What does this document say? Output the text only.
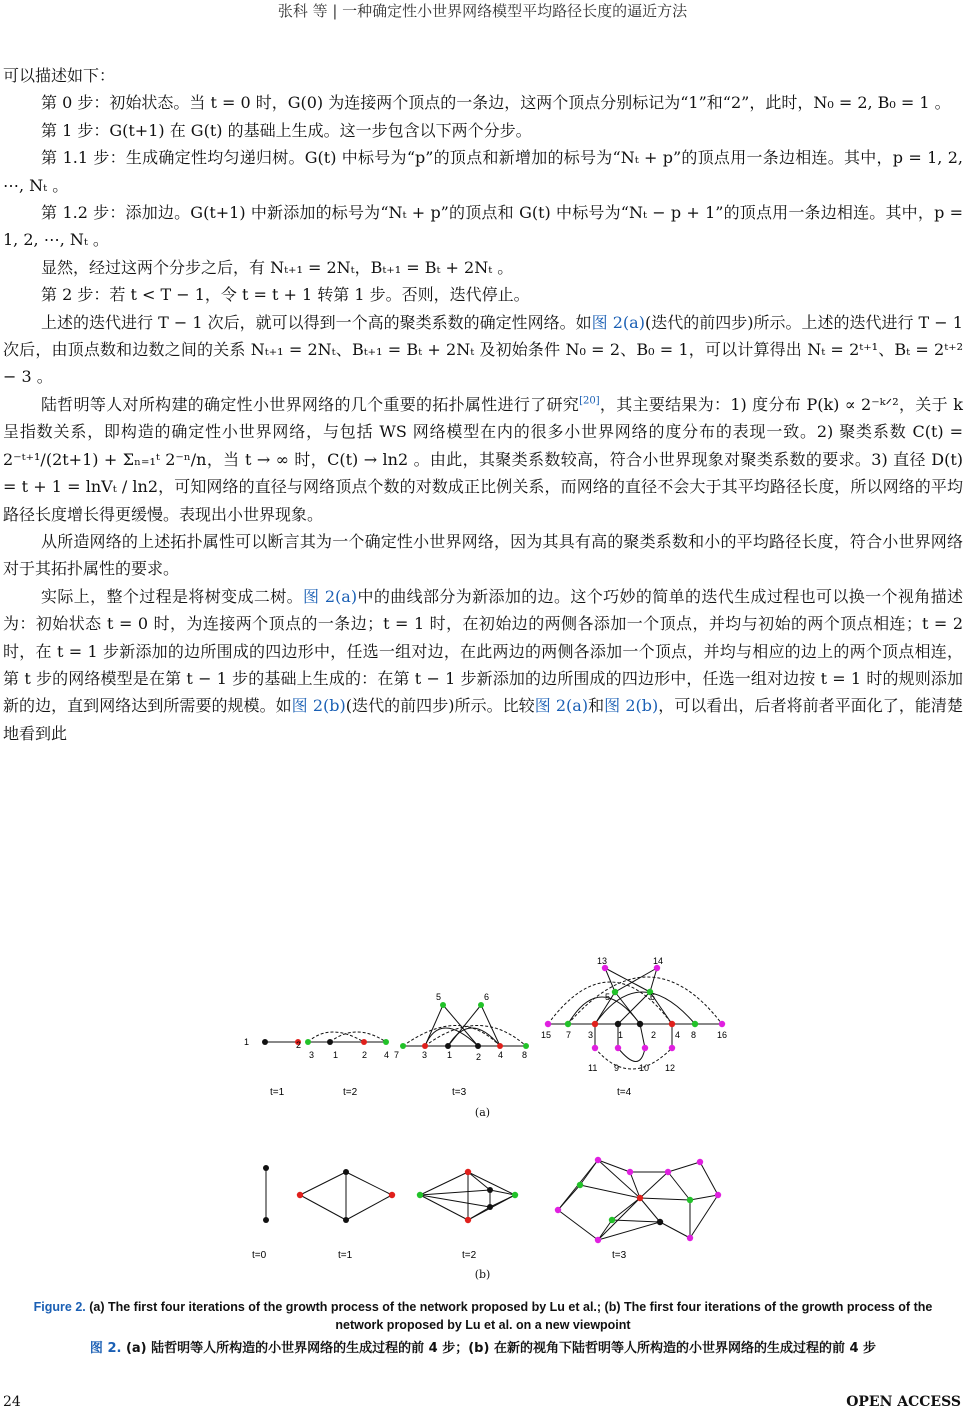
张科 等 | 一种确定性小世界网络模型平均路径长度的逼近方法

可以描述如下：

第 0 步：初始状态。当 t = 0 时，G(0) 为连接两个顶点的一条边，这两个顶点分别标记为“1”和“2”，此时，N₀ = 2, B₀ = 1 。

第 1 步：G(t+1) 在 G(t) 的基础上生成。这一步包含以下两个分步。

第 1.1 步：生成确定性均匀递归树。G(t) 中标号为“p”的顶点和新增加的标号为“Nₜ + p”的顶点用一条边相连。其中，p = 1, 2, ⋯, Nₜ 。

第 1.2 步：添加边。G(t+1) 中新添加的标号为“Nₜ + p”的顶点和 G(t) 中标号为“Nₜ − p + 1”的顶点用一条边相连。其中，p = 1, 2, ⋯, Nₜ 。

显然，经过这两个分步之后，有 Nₜ₊₁ = 2Nₜ，Bₜ₊₁ = Bₜ + 2Nₜ 。

第 2 步：若 t < T − 1，令 t = t + 1 转第 1 步。否则，迭代停止。

上述的迭代进行 T − 1 次后，就可以得到一个高的聚类系数的确定性网络。如图 2(a)(迭代的前四步)所示。上述的迭代进行 T − 1 次后，由顶点数和边数之间的关系 Nₜ₊₁ = 2Nₜ、Bₜ₊₁ = Bₜ + 2Nₜ 及初始条件 N₀ = 2、B₀ = 1，可以计算得出 Nₜ = 2ᵗ⁺¹、Bₜ = 2ᵗ⁺² − 3 。

陆哲明等人对所构建的确定性小世界网络的几个重要的拓扑属性进行了研究[20]，其主要结果为：1) 度分布 P(k) ∝ 2⁻ᵏᐟ²，关于 k 呈指数关系，即构造的确定性小世界网络，与包括 WS 网络模型在内的很多小世界网络的度分布的表现一致。2) 聚类系数 C(t) = 2⁻ᵗ⁺¹/(2t+1) + Σₙ₌₁ᵗ 2⁻ⁿ/n，当 t → ∞ 时，C(t) → ln2 。由此，其聚类系数较高，符合小世界现象对聚类系数的要求。3) 直径 D(t) = t + 1 = lnVₜ / ln2，可知网络的直径与网络顶点个数的对数成正比例关系，而网络的直径不会大于其平均路径长度，所以网络的平均路径长度增长得更缓慢。表现出小世界现象。

从所造网络的上述拓扑属性可以断言其为一个确定性小世界网络，因为其具有高的聚类系数和小的平均路径长度，符合小世界网络对于其拓扑属性的要求。

实际上，整个过程是将树变成二树。图 2(a)中的曲线部分为新添加的边。这个巧妙的简单的迭代生成过程也可以换一个视角描述为：初始状态 t = 0 时，为连接两个顶点的一条边；t = 1 时，在初始边的两侧各添加一个顶点，并均与初始的两个顶点相连；t = 2 时，在 t = 1 步新添加的边所围成的四边形中，任选一组对边，在此两边的两侧各添加一个顶点，并均与相应的边上的两个顶点相连，第 t 步的网络模型是在第 t − 1 步的基础上生成的：在第 t − 1 步新添加的边所围成的四边形中，任选一组对边按 t = 1 时的规则添加新的边，直到网络达到所需要的规模。如图 2(b)(迭代的前四步)所示。比较图 2(a)和图 2(b)，可以看出，后者将前者平面化了，能清楚地看到此

1	2
3 1	2 4 7	3 1	2 4 8
5	6
15 7 3	1	2 4 8 16
5	6
13	14
11 9 10 12
t=1	t=2	t=3	t=4
(a)
t=0	t=1	t=2	t=3
(b)
Figure 2. (a) The first four iterations of the growth process of the network proposed by Lu et al.; (b) The first four iterations of the growth process of the network proposed by Lu et al. on a new viewpoint
图 2. (a) 陆哲明等人所构造的小世界网络的生成过程的前 4 步；(b) 在新的视角下陆哲明等人所构造的小世界网络的生成过程的前 4 步
24	OPEN ACCESS
